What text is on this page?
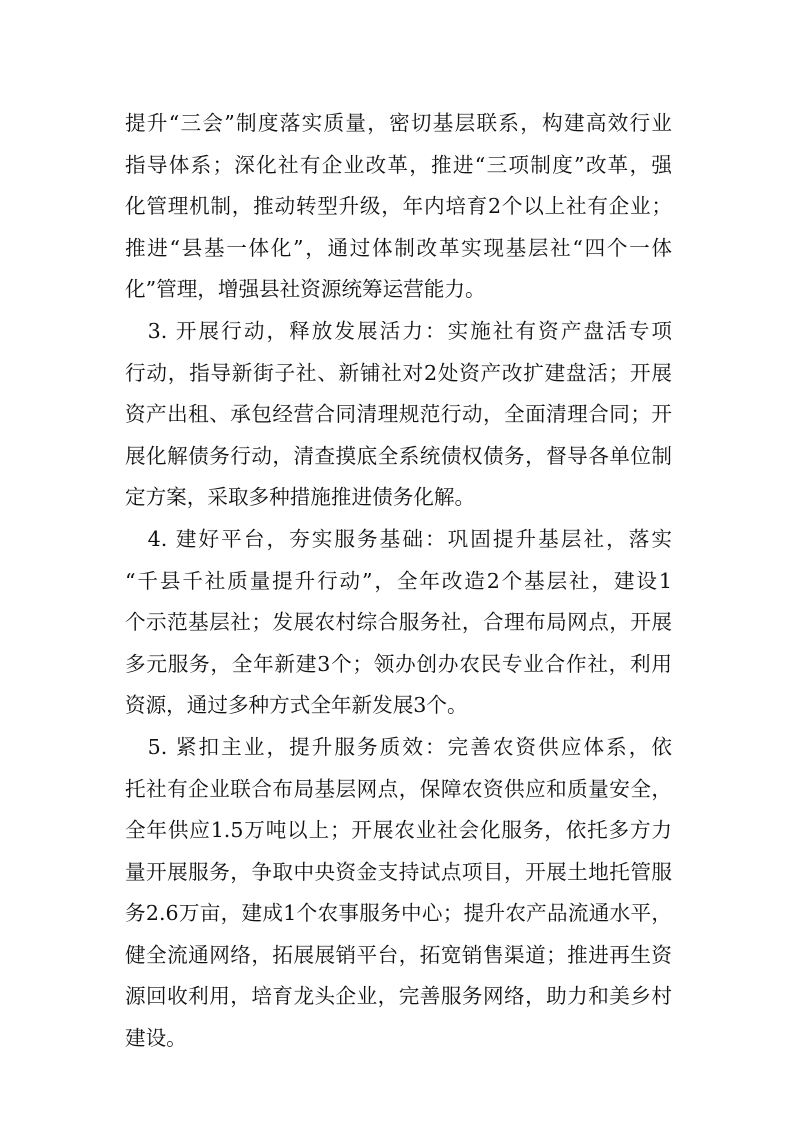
提升“三会”制度落实质量，密切基层联系，构建高效行业
指导体系；深化社有企业改革，推进“三项制度”改革，强
化管理机制，推动转型升级，年内培育2个以上社有企业；
推进“县基一体化”，通过体制改革实现基层社“四个一体
化”管理，增强县社资源统筹运营能力。
　3. 开展行动，释放发展活力：实施社有资产盘活专项
行动，指导新街子社、新铺社对2处资产改扩建盘活；开展
资产出租、承包经营合同清理规范行动，全面清理合同；开
展化解债务行动，清查摸底全系统债权债务，督导各单位制
定方案，采取多种措施推进债务化解。
　4. 建好平台，夯实服务基础：巩固提升基层社，落实
“千县千社质量提升行动”，全年改造2个基层社，建设1
个示范基层社；发展农村综合服务社，合理布局网点，开展
多元服务，全年新建3个；领办创办农民专业合作社，利用
资源，通过多种方式全年新发展3个。
　5. 紧扣主业，提升服务质效：完善农资供应体系，依
托社有企业联合布局基层网点，保障农资供应和质量安全，
全年供应1.5万吨以上；开展农业社会化服务，依托多方力
量开展服务，争取中央资金支持试点项目，开展土地托管服
务2.6万亩，建成1个农事服务中心；提升农产品流通水平，
健全流通网络，拓展展销平台，拓宽销售渠道；推进再生资
源回收利用，培育龙头企业，完善服务网络，助力和美乡村
建设。
